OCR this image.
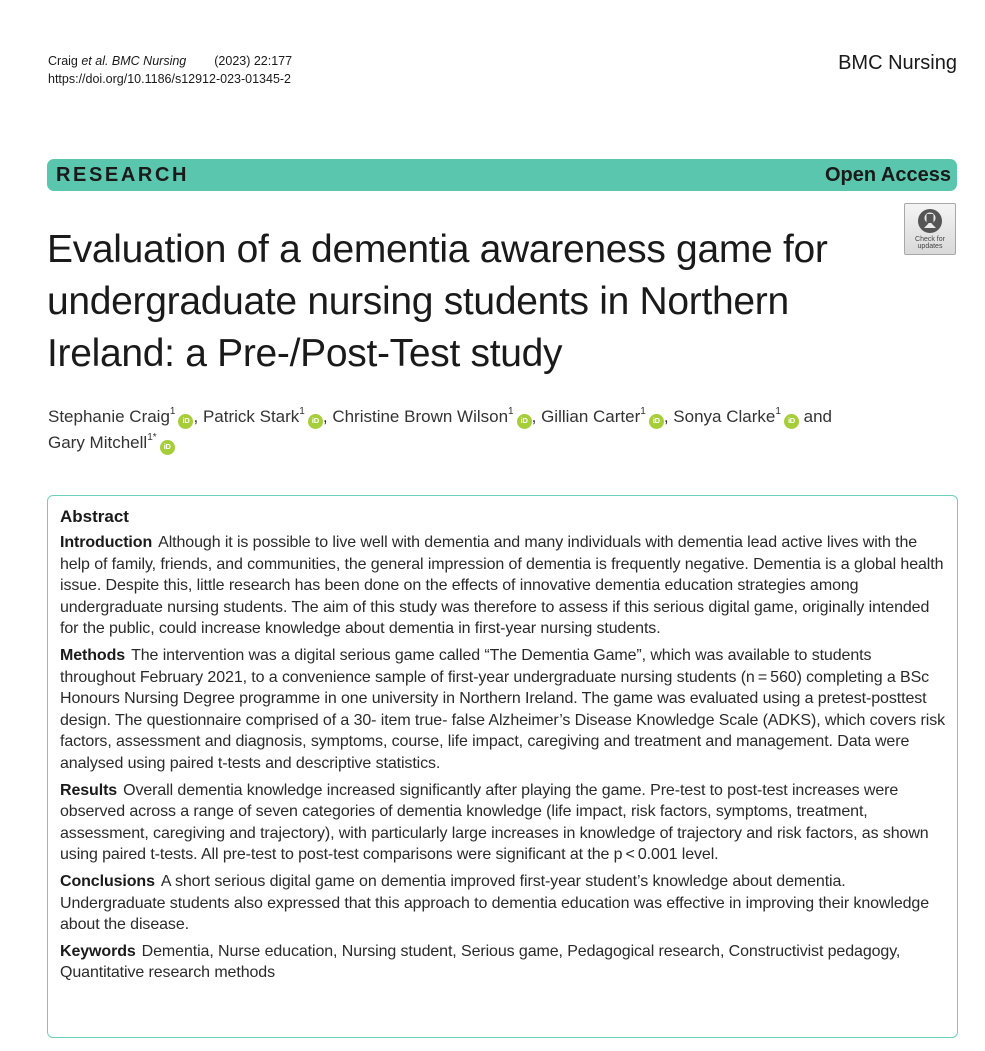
Craig et al. BMC Nursing (2023) 22:177
https://doi.org/10.1186/s12912-023-01345-2
BMC Nursing
RESEARCH	Open Access
Evaluation of a dementia awareness game for undergraduate nursing students in Northern Ireland: a Pre-/Post-Test study
Check for
updates
Stephanie Craig$^1$iD , Patrick Stark$^1$iD , Christine Brown Wilson$^1$iD , Gillian Carter$^1$iD , Sonya Clarke$^1$iD and Gary Mitchell$^{1*}$iD
Abstract

Introduction Although it is possible to live well with dementia and many individuals with dementia lead active lives with the help of family, friends, and communities, the general impression of dementia is frequently negative. Dementia is a global health issue. Despite this, little research has been done on the effects of innovative dementia education strategies among undergraduate nursing students. The aim of this study was therefore to assess if this serious digital game, originally intended for the public, could increase knowledge about dementia in first-year nursing students.

Methods The intervention was a digital serious game called “The Dementia Game”, which was available to students throughout February 2021, to a convenience sample of first-year undergraduate nursing students (n = 560) completing a BSc Honours Nursing Degree programme in one university in Northern Ireland. The game was evaluated using a pretest-posttest design. The questionnaire comprised of a 30- item true- false Alzheimer’s Disease Knowledge Scale (ADKS), which covers risk factors, assessment and diagnosis, symptoms, course, life impact, caregiving and treatment and management. Data were analysed using paired t-tests and descriptive statistics.

Results Overall dementia knowledge increased significantly after playing the game. Pre-test to post-test increases were observed across a range of seven categories of dementia knowledge (life impact, risk factors, symptoms, treatment, assessment, caregiving and trajectory), with particularly large increases in knowledge of trajectory and risk factors, as shown using paired t-tests. All pre-test to post-test comparisons were significant at the p < 0.001 level.

Conclusions A short serious digital game on dementia improved first-year student’s knowledge about dementia. Undergraduate students also expressed that this approach to dementia education was effective in improving their knowledge about the disease.

Keywords Dementia, Nurse education, Nursing student, Serious game, Pedagogical research, Constructivist pedagogy, Quantitative research methods
